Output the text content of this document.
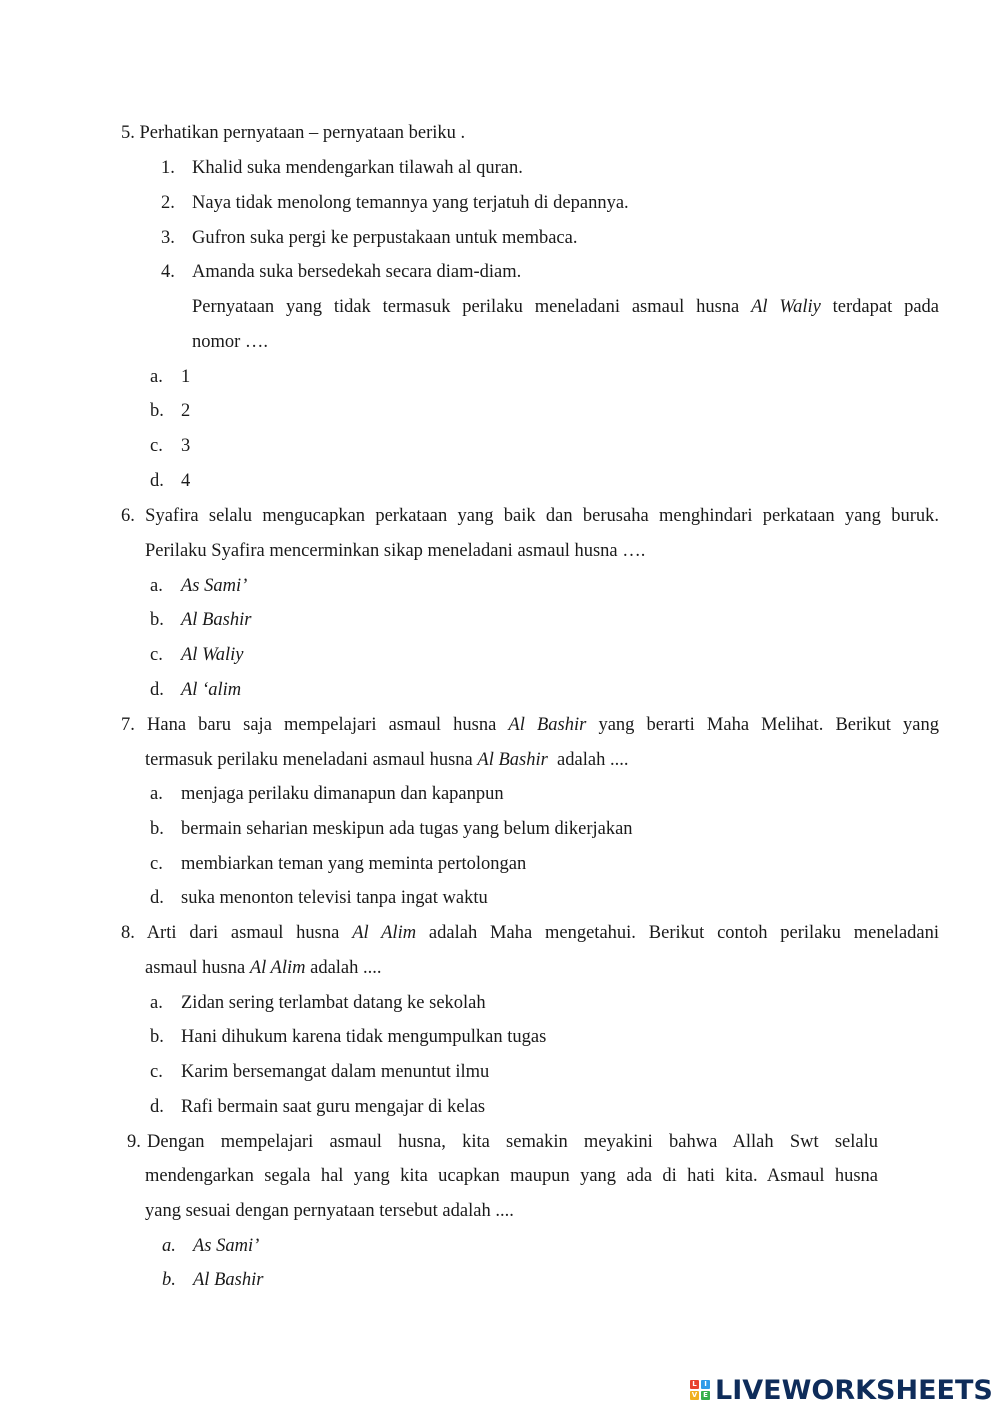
5. Perhatikan pernyataan – pernyataan beriku .
1. Khalid suka mendengarkan tilawah al quran.
2. Naya tidak menolong temannya yang terjatuh di depannya.
3. Gufron suka pergi ke perpustakaan untuk membaca.
4. Amanda suka bersedekah secara diam-diam.
Pernyataan yang tidak termasuk perilaku meneladani asmaul husna Al Waliy terdapat pada
nomor ….
a. 1
b. 2
c. 3
d. 4
6. Syafira selalu mengucapkan perkataan yang baik dan berusaha menghindari perkataan yang buruk.
Perilaku Syafira mencerminkan sikap meneladani asmaul husna ….
a. As Sami’
b. Al Bashir
c. Al Waliy
d. Al ‘alim
7. Hana baru saja mempelajari asmaul husna Al Bashir yang berarti Maha Melihat. Berikut yang
termasuk perilaku meneladani asmaul husna Al Bashir adalah ....
a. menjaga perilaku dimanapun dan kapanpun
b. bermain seharian meskipun ada tugas yang belum dikerjakan
c. membiarkan teman yang meminta pertolongan
d. suka menonton televisi tanpa ingat waktu
8. Arti dari asmaul husna Al Alim adalah Maha mengetahui. Berikut contoh perilaku meneladani
asmaul husna Al Alim adalah ....
a. Zidan sering terlambat datang ke sekolah
b. Hani dihukum karena tidak mengumpulkan tugas
c. Karim bersemangat dalam menuntut ilmu
d. Rafi bermain saat guru mengajar di kelas
9. Dengan mempelajari asmaul husna, kita semakin meyakini bahwa Allah Swt selalu
mendengarkan segala hal yang kita ucapkan maupun yang ada di hati kita. Asmaul husna
yang sesuai dengan pernyataan tersebut adalah ....
a. As Sami’
b. Al Bashir
L	I
V E LIVEWORKSHEETS
